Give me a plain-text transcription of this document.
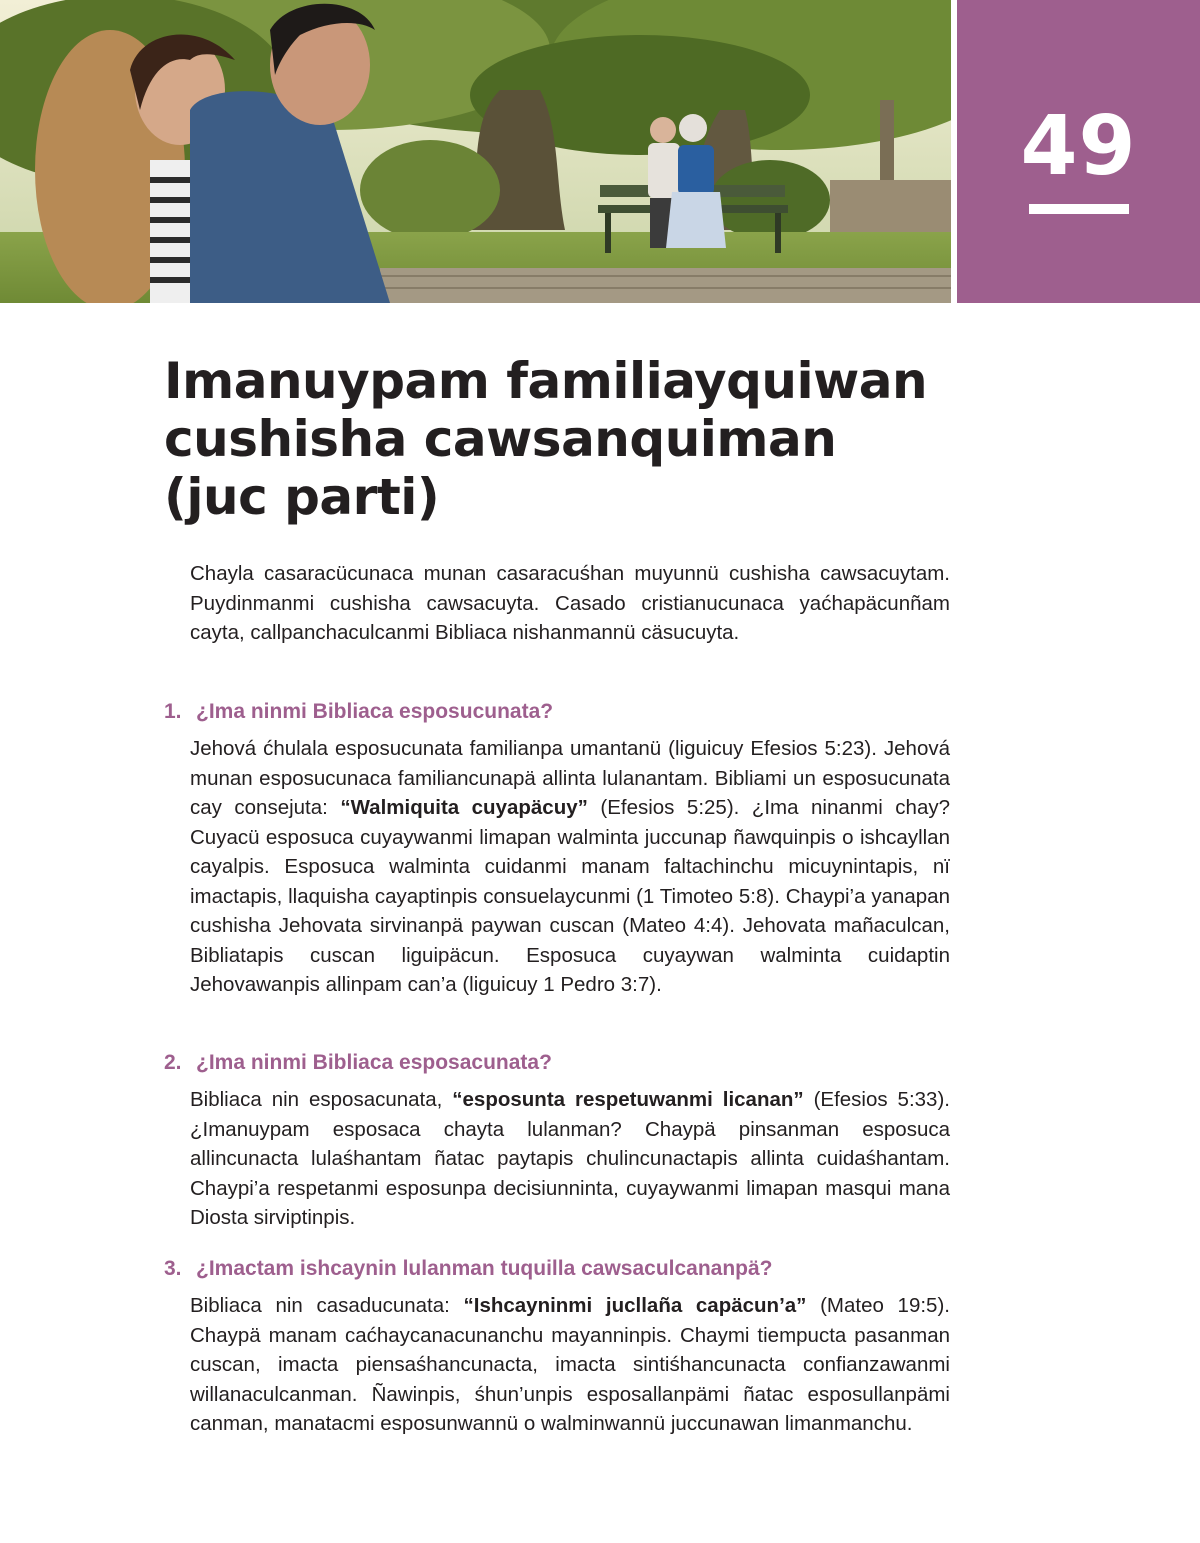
49
Imanuypam familiayquiwan
cushisha cawsanquiman
(juc parti)

Chayla casaracücunaca munan casaracuśhan muyunnü cushisha cawsacuytam. Puydinmanmi cushisha cawsacuyta. Casado cristianucunaca yaćhapäcunñam cayta, callpanchaculcanmi Bibliaca nishanmannü cäsucuyta.

1. ¿Ima ninmi Bibliaca esposucunata?

Jehová ćhulala esposucunata familianpa umantanü (liguicuy Efesios 5:23). Jehová munan esposucunaca familiancunapä allinta lulanantam. Bibliami un esposucunata cay consejuta: “Walmiquita cuyapäcuy” (Efesios 5:25). ¿Ima ninanmi chay? Cuyacü esposuca cuyaywanmi limapan walminta juccunap ñawquinpis o ishcayllan cayalpis. Esposuca walminta cuidanmi manam faltachinchu micuynintapis, nï imactapis, llaquisha cayaptinpis consuelaycunmi (1 Timoteo 5:8). Chaypi’a yanapan cushisha Jehovata sirvinanpä paywan cuscan (Mateo 4:4). Jehovata mañaculcan, Bibliatapis cuscan liguipäcun. Esposuca cuyaywan walminta cuidaptin Jehovawanpis allinpam can’a (liguicuy 1 Pedro 3:7).

2. ¿Ima ninmi Bibliaca esposacunata?

Bibliaca nin esposacunata, “esposunta respetuwanmi licanan” (Efesios 5:33). ¿Imanuypam esposaca chayta lulanman? Chaypä pinsanman esposuca allincunacta lulaśhantam ñatac paytapis chulincunactapis allinta cuidaśhantam. Chaypi’a respetanmi esposunpa decisiunninta, cuyaywanmi limapan masqui mana Diosta sirviptinpis.

3. ¿Imactam ishcaynin lulanman tuquilla cawsaculcananpä?

Bibliaca nin casaducunata: “Ishcayninmi jucllaña capäcun’a” (Mateo 19:5). Chaypä manam caćhaycanacunanchu mayanninpis. Chaymi tiempucta pasanman cuscan, imacta piensaśhancunacta, imacta sintiśhancunacta confianzawanmi willanaculcanman. Ñawinpis, śhun’unpis esposallanpämi ñatac esposullanpämi canman, manatacmi esposunwannü o walminwannü juccunawan limanmanchu.
